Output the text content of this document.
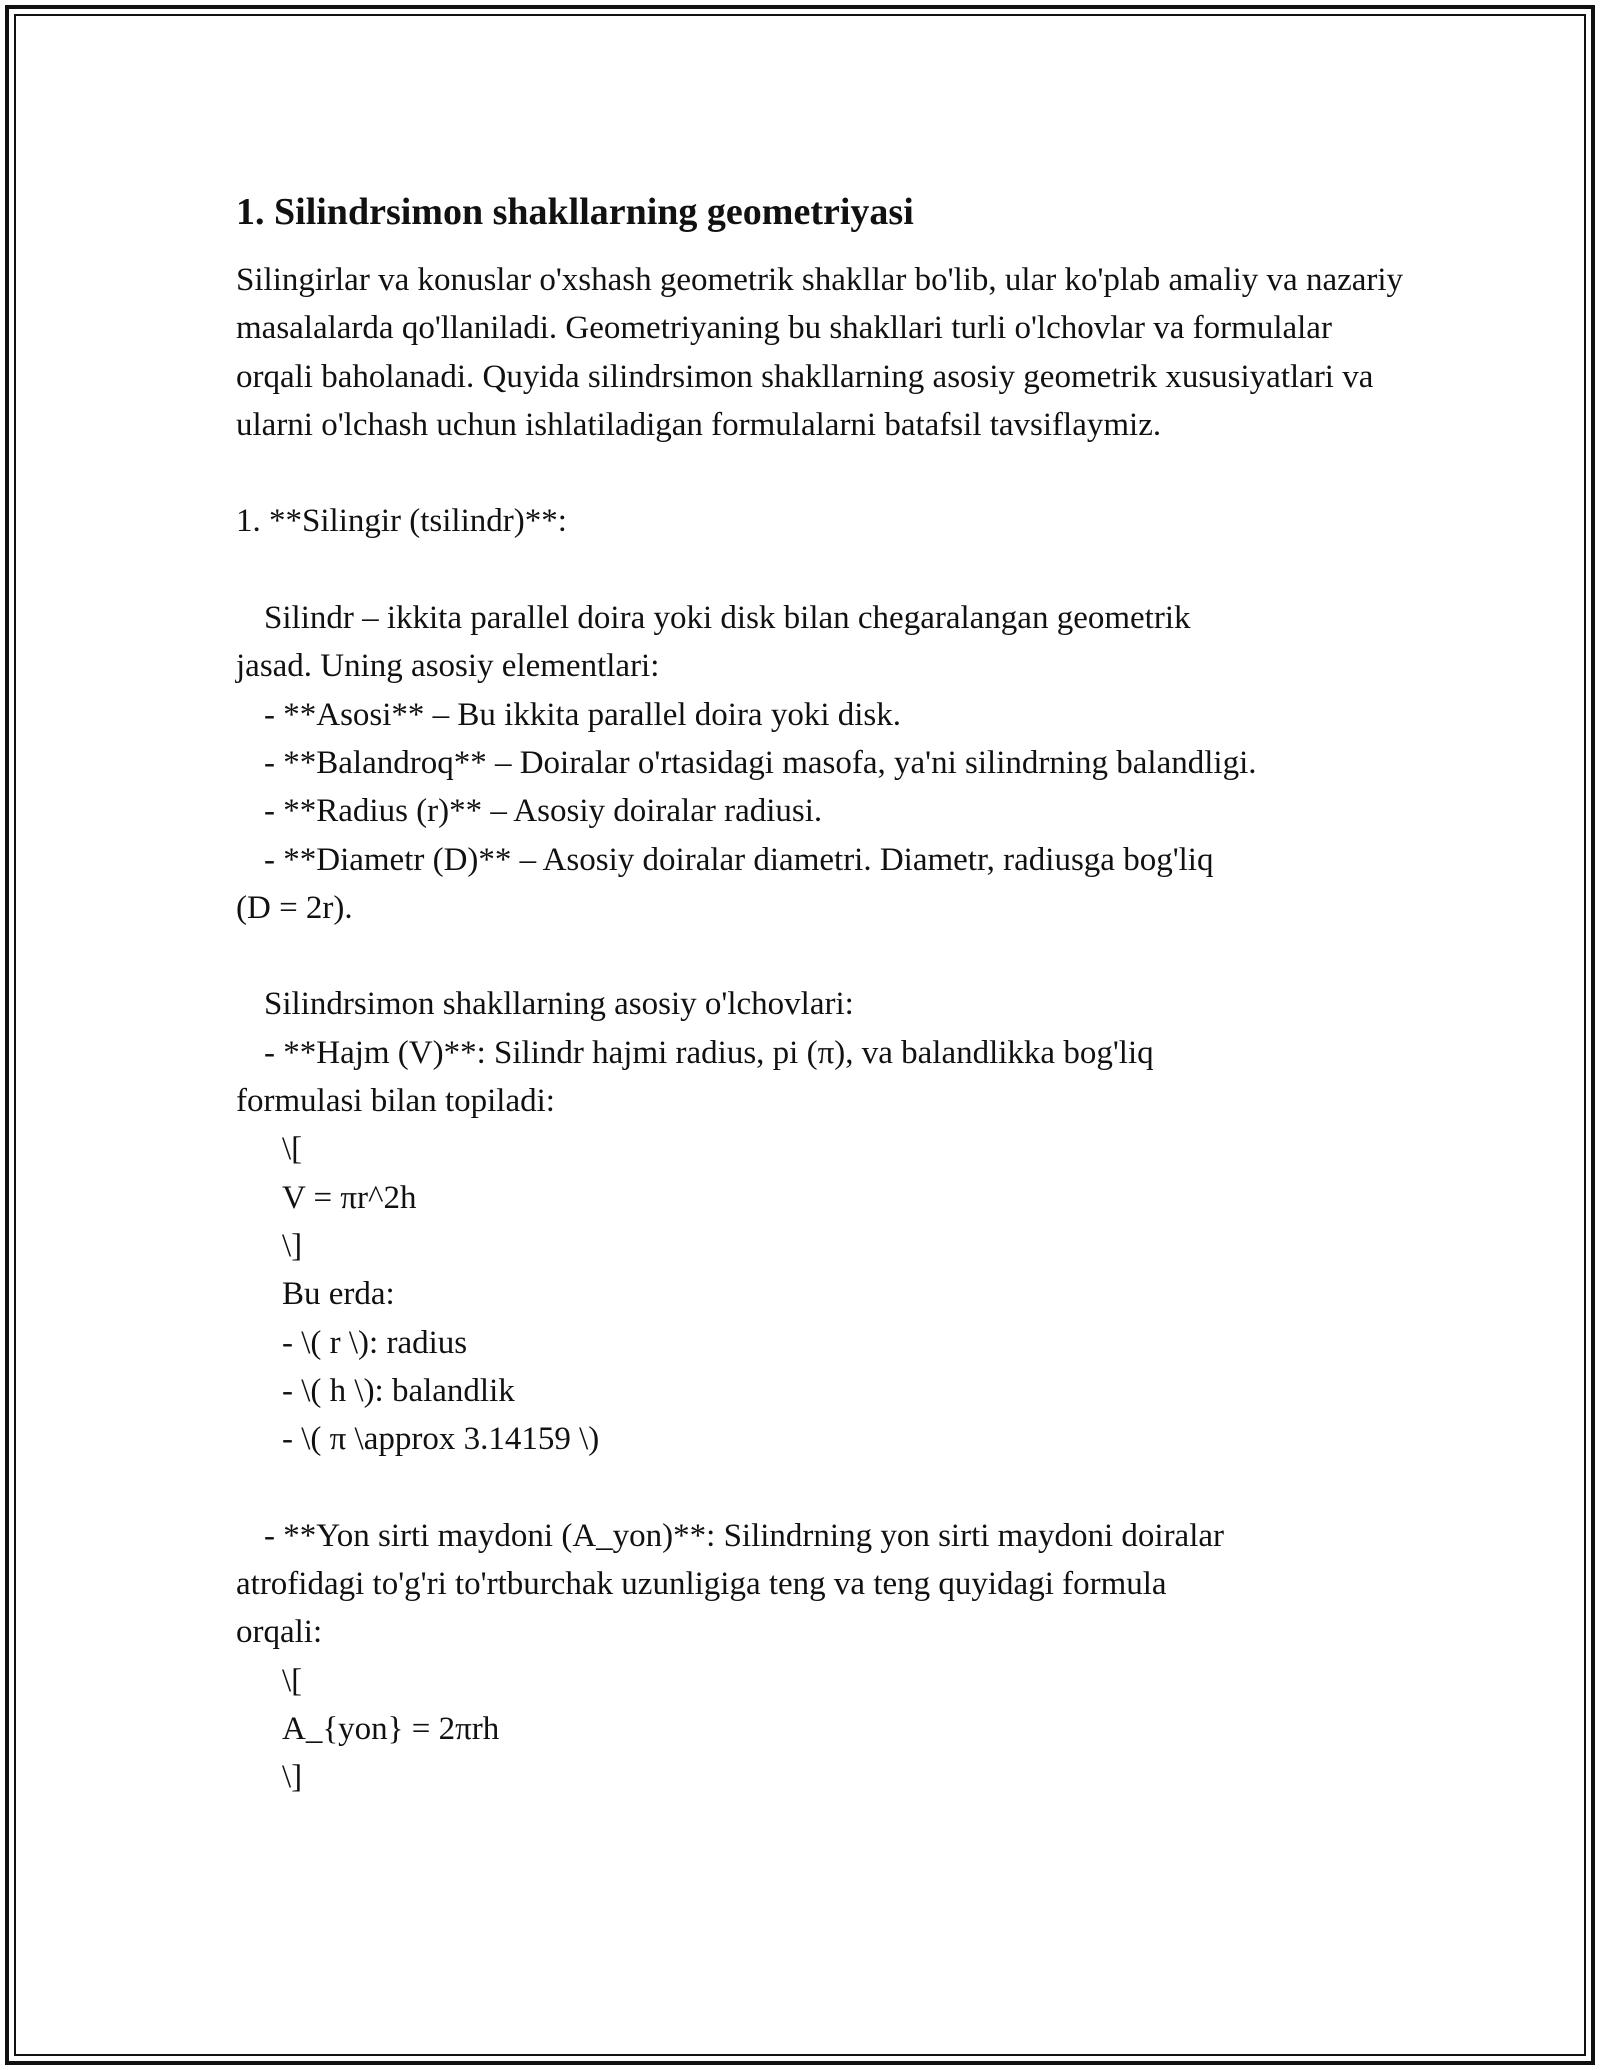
1. Silindrsimon shakllarning geometriyasi

Silingirlar va konuslar o'xshash geometrik shakllar bo'lib, ular ko'plab amaliy va nazariy masalalarda qo'llaniladi. Geometriyaning bu shakllari turli o'lchovlar va formulalar orqali baholanadi. Quyida silindrsimon shakllarning asosiy geometrik xususiyatlari va ularni o'lchash uchun ishlatiladigan formulalarni batafsil tavsiflaymiz.

1. **Silingir (tsilindr)**:
Silindr – ikkita parallel doira yoki disk bilan chegaralangan geometrik
jasad. Uning asosiy elementlari:
- **Asosi** – Bu ikkita parallel doira yoki disk.
- **Balandroq** – Doiralar o'rtasidagi masofa, ya'ni silindrning balandligi.
- **Radius (r)** – Asosiy doiralar radiusi.
- **Diametr (D)** – Asosiy doiralar diametri. Diametr, radiusga bog'liq
(D = 2r).
Silindrsimon shakllarning asosiy o'lchovlari:
- **Hajm (V)**: Silindr hajmi radius, pi (π), va balandlikka bog'liq
formulasi bilan topiladi:
\[
V = πr^2h
\]
Bu erda:
- \( r \): radius
- \( h \): balandlik
- \( π \approx 3.14159 \)
- **Yon sirti maydoni (A_yon)**: Silindrning yon sirti maydoni doiralar
atrofidagi to'g'ri to'rtburchak uzunligiga teng va teng quyidagi formula
orqali:
\[
A_{yon} = 2πrh
\]
